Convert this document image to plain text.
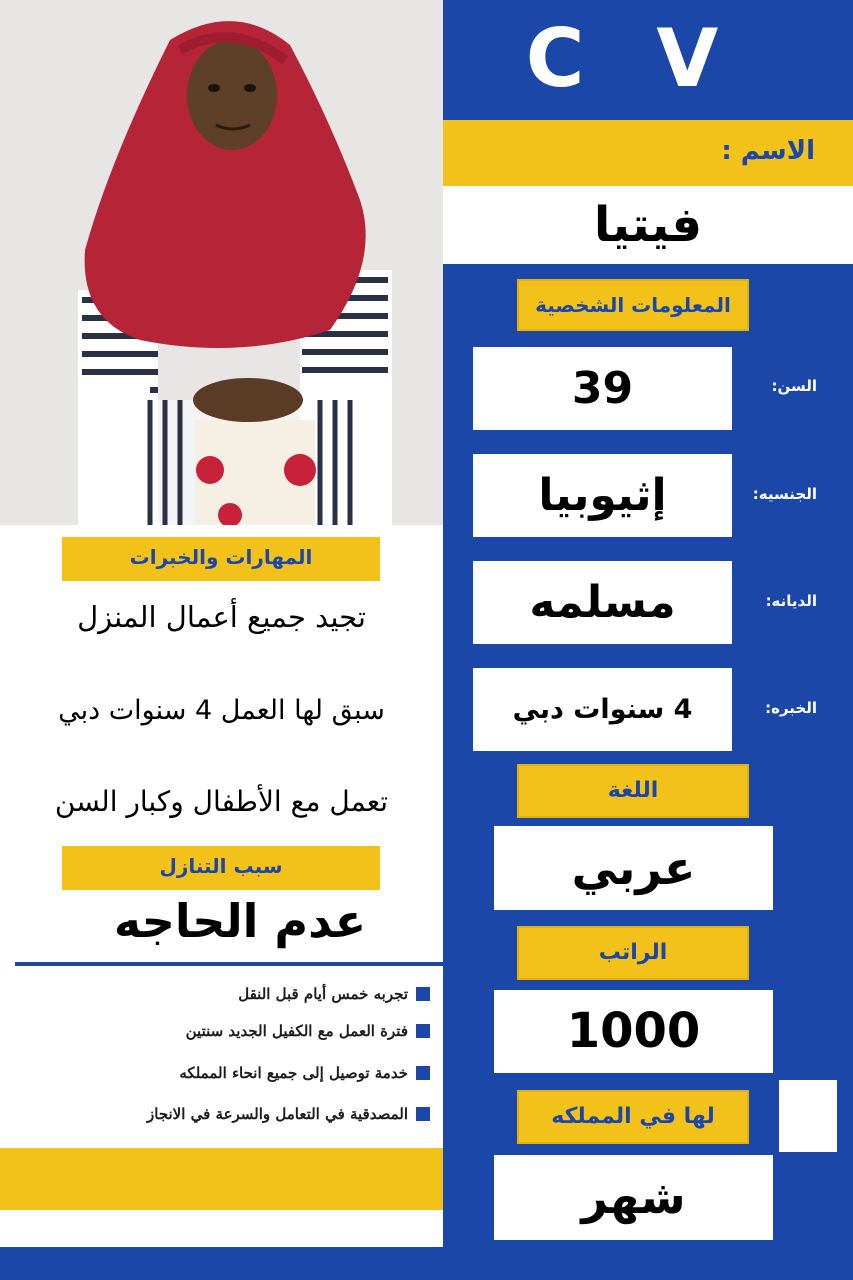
C V
الاسم :
فيتيا
المعلومات الشخصية
39	السن:
إثيوبيا	الجنسيه:
مسلمه	الديانه:
4 سنوات دبي	الخبره:
اللغة
عربي
الراتب
1000
لها في المملكه
شهر
المهارات والخبرات
تجيد جميع أعمال المنزل
سبق لها العمل 4 سنوات دبي
تعمل مع الأطفال وكبار السن
سبب التنازل
عدم الحاجه
تجربه خمس أيام قبل النقل
فترة العمل مع الكفيل الجديد سنتين
خدمة توصيل إلى جميع انحاء المملكه
المصدقية في التعامل والسرعة في الانجاز
